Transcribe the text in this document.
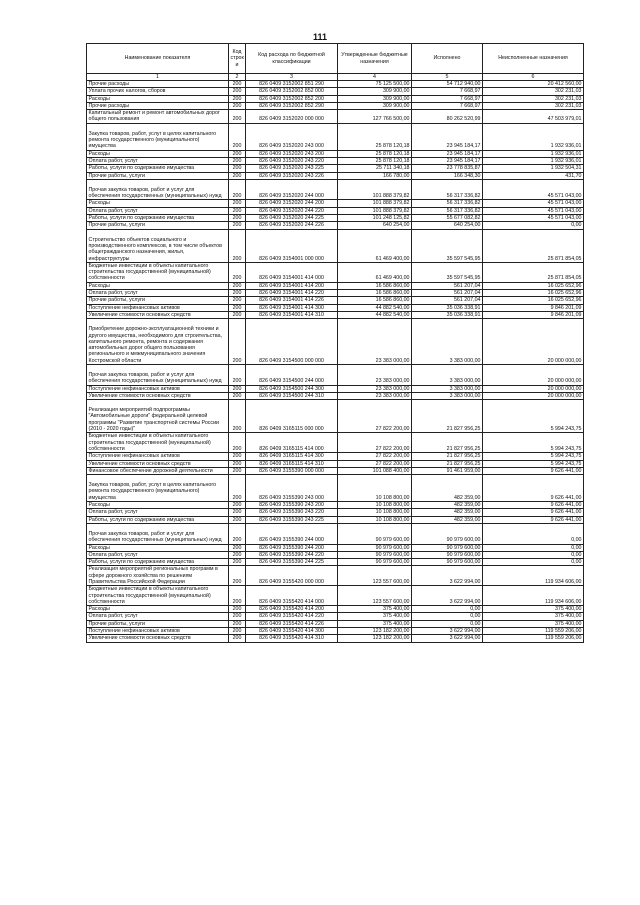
111
Наименование показателя	Код строк и	Код расхода по бюджетной классификации	Утвержденные бюджетные назначения	Исполнено	Неисполненные назначения
1	2	3	4	5	6
Прочие расходы	200	826 0409 3152002 851 290	75 125 500,00	54 712 940,00	20 412 560,00
Уплата прочих налогов, сборов	200	826 0409 3152002 852 000	309 900,00	7 668,97	302 231,03
Расходы	200	826 0409 3152002 852 200	309 900,00	7 668,97	302 231,03
Прочие расходы	200	826 0409 3152002 852 290	309 900,00	7 668,97	302 231,03
Капитальный ремонт и ремонт автомобильных дорог общего пользования	200	826 0409 3152020 000 000	127 766 500,00	80 262 520,99	47 503 979,01
Закупка товаров, работ, услуг в целях капитального ремонта государственного (муниципального) имущества	200	826 0409 3152020 243 000	25 878 120,18	23 945 184,17	1 932 936,01
Расходы	200	826 0409 3152020 243 200	25 878 120,18	23 945 184,17	1 932 936,01
Оплата работ, услуг	200	826 0409 3152020 243 220	25 878 120,18	23 945 184,17	1 932 936,01
Работы, услуги по содержанию имущества	200	826 0409 3152020 243 225	25 711 340,18	23 778 835,87	1 932 504,31
Прочие работы, услуги	200	826 0409 3152020 243 226	166 780,00	166 348,30	431,70
Прочая закупка товаров, работ и услуг для обеспечения государственных (муниципальных) нужд	200	826 0409 3152020 244 000	101 888 379,82	56 317 336,82	45 571 043,00
Расходы	200	826 0409 3152020 244 200	101 888 379,82	56 317 336,82	45 571 043,00
Оплата работ, услуг	200	826 0409 3152020 244 220	101 888 379,82	56 317 336,82	45 571 043,00
Работы, услуги по содержанию имущества	200	826 0409 3152020 244 225	101 248 125,82	55 677 082,82	45 571 043,00
Прочие работы, услуги	200	826 0409 3152020 244 226	640 254,00	640 254,00	0,00
Строительство объектов социального и производственного комплексов, в том числе объектов общегражданского назначения, жилья, инфраструктуры	200	826 0409 3154001 000 000	61 469 400,00	35 597 545,95	25 871 854,05
Бюджетные инвестиции в объекты капитального строительства государственной (муниципальной) собственности	200	826 0409 3154001 414 000	61 469 400,00	35 597 545,95	25 871 854,05
Расходы	200	826 0409 3154001 414 200	16 586 860,00	561 207,04	16 025 652,96
Оплата работ, услуг	200	826 0409 3154001 414 220	16 586 860,00	561 207,04	16 025 652,96
Прочие работы, услуги	200	826 0409 3154001 414 226	16 586 860,00	561 207,04	16 025 652,96
Поступление нефинансовых активов	200	826 0409 3154001 414 300	44 882 540,00	35 036 338,91	9 846 201,09
Увеличение стоимости основных средств	200	826 0409 3154001 414 310	44 882 540,00	35 036 338,91	9 846 201,09
Приобретение дорожно-эксплуатационной техники и другого имущества, необходимого для строительства, капитального ремонта, ремонта и содержания автомобильных дорог общего пользования регионального и межмуниципального значения Костромской области	200	826 0409 3154500 000 000	23 383 000,00	3 383 000,00	20 000 000,00
Прочая закупка товаров, работ и услуг для обеспечения государственных (муниципальных) нужд	200	826 0409 3154500 244 000	23 383 000,00	3 383 000,00	20 000 000,00
Поступление нефинансовых активов	200	826 0409 3154500 244 300	23 383 000,00	3 383 000,00	20 000 000,00
Увеличение стоимости основных средств	200	826 0409 3154500 244 310	23 383 000,00	3 383 000,00	20 000 000,00
Реализация мероприятий подпрограммы "Автомобильные дороги" федеральной целевой программы "Развитие транспортной системы России (2010 - 2020 годы)"	200	826 0409 3165115 000 000	27 822 200,00	21 827 956,25	5 994 243,75
Бюджетные инвестиции в объекты капитального строительства государственной (муниципальной) собственности	200	826 0409 3165115 414 000	27 822 200,00	21 827 956,25	5 994 243,75
Поступление нефинансовых активов	200	826 0409 3165115 414 300	27 822 200,00	21 827 956,25	5 994 243,75
Увеличение стоимости основных средств	200	826 0409 3165115 414 310	27 822 200,00	21 827 956,25	5 994 243,75
Финансовое обеспечение дорожной деятельности	200	826 0409 3155390 000 000	101 088 400,00	91 461 959,00	9 626 441,00
Закупка товаров, работ, услуг в целях капитального ремонта государственного (муниципального) имущества	200	826 0409 3155390 243 000	10 108 800,00	482 359,00	9 626 441,00
Расходы	200	826 0409 3155390 243 200	10 108 800,00	482 359,00	9 626 441,00
Оплата работ, услуг	200	826 0409 3155390 243 220	10 108 800,00	482 359,00	9 626 441,00
Работы, услуги по содержанию имущества	200	826 0409 3155390 243 225	10 108 800,00	482 359,00	9 626 441,00
Прочая закупка товаров, работ и услуг для обеспечения государственных (муниципальных) нужд	200	826 0409 3155390 244 000	90 979 600,00	90 979 600,00	0,00
Расходы	200	826 0409 3155390 244 200	90 979 600,00	90 979 600,00	0,00
Оплата работ, услуг	200	826 0409 3155390 244 220	90 979 600,00	90 979 600,00	0,00
Работы, услуги по содержанию имущества	200	826 0409 3155390 244 225	90 979 600,00	90 979 600,00	0,00
Реализация мероприятий региональных программ в сфере дорожного хозяйства по решениям Правительства Российской Федерации	200	826 0409 3155420 000 000	123 557 600,00	3 622 994,00	119 934 606,00
Бюджетные инвестиции в объекты капитального строительства государственной (муниципальной) собственности	200	826 0409 3155420 414 000	123 557 600,00	3 622 994,00	119 934 606,00
Расходы	200	826 0409 3155420 414 200	375 400,00	0,00	375 400,00
Оплата работ, услуг	200	826 0409 3155420 414 220	375 400,00	0,00	375 400,00
Прочие работы, услуги	200	826 0409 3155420 414 226	375 400,00	0,00	375 400,00
Поступление нефинансовых активов	200	826 0409 3155420 414 300	123 182 200,00	3 622 994,00	119 559 206,00
Увеличение стоимости основных средств	200	826 0409 3155420 414 310	123 182 200,00	3 622 994,00	119 559 206,00
